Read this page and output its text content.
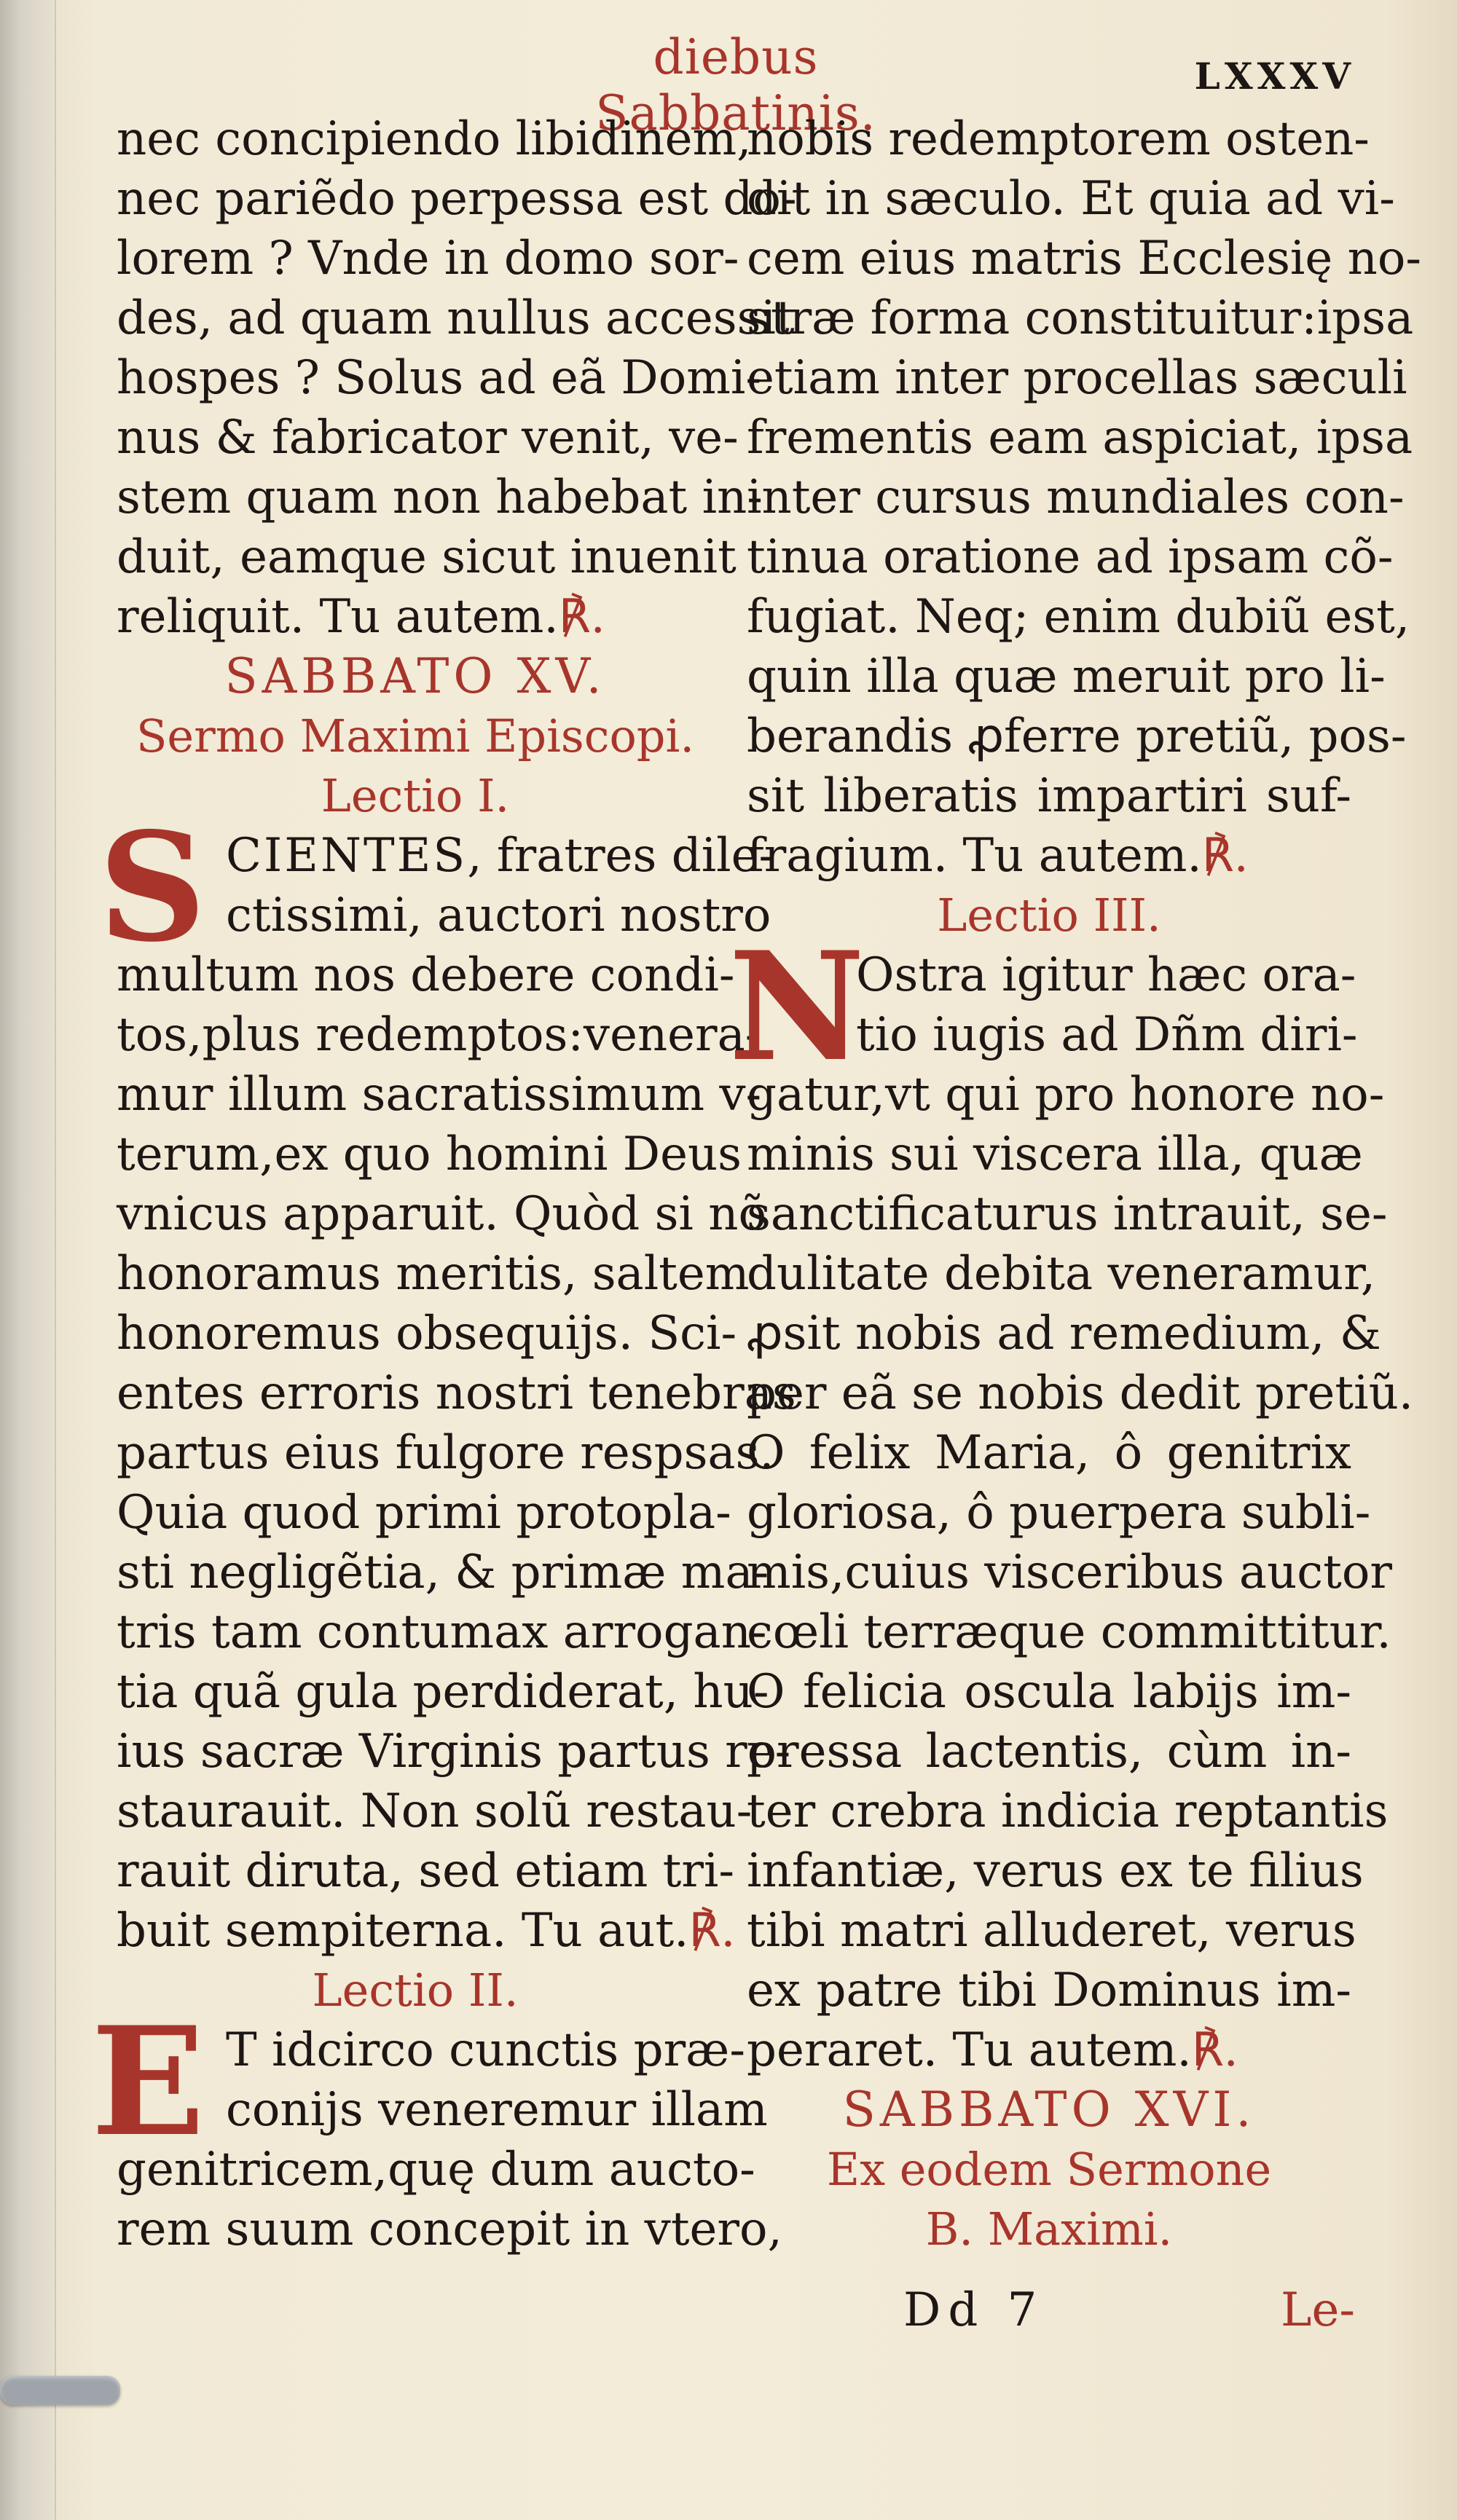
diebus Sabbatinis.
LXXXV
nec concipiendo libidinem,
nec pariẽdo perpessa est do-
lorem ? Vnde in domo sor-
des, ad quam nullus accessit
hospes ? Solus ad eã Domi-
nus & fabricator venit, ve-
stem quam non habebat in-
duit, eamque sicut inuenit
reliquit. Tu autem.℟.
SABBATO XV.
Sermo Maximi Episcopi.
Lectio I.
S CIENTES, fratres dile-
ctissimi, auctori nostro
multum nos debere condi-
tos,plus redemptos:venera-
mur illum sacratissimum v-
terum,ex quo homini Deus
vnicus apparuit. Quòd si nõ
honoramus meritis, saltem
honoremus obsequijs. Sci-
entes erroris nostri tenebras
partus eius fulgore respsas.
Quia quod primi protopla-
sti negligẽtia, & primæ ma-
tris tam contumax arrogan-
tia quã gula perdiderat, hu-
ius sacræ Virginis partus re-
staurauit. Non solũ restau-
rauit diruta, sed etiam tri-
buit sempiterna. Tu aut.℟.
Lectio II.
E T idcirco cunctis præ-
conijs veneremur illam
genitricem,quę dum aucto-
rem suum concepit in vtero,
nobis redemptorem osten-
dit in sæculo. Et quia ad vi-
cem eius matris Ecclesię no-
stræ forma constituitur:ipsa
etiam inter procellas sæculi
frementis eam aspiciat, ipsa
inter cursus mundiales con-
tinua oratione ad ipsam cõ-
fugiat. Neq; enim dubiũ est,
quin illa quæ meruit pro li-
berandis ꝓferre pretiũ, pos-
sit liberatis impartiri suf-
fragium. Tu autem.℟.
Lectio III.
N
Ostra igitur hæc ora-
tio iugis ad Dñm diri-
gatur,vt qui pro honore no-
minis sui viscera illa, quæ
sanctificaturus intrauit, se-
dulitate debita veneramur,
ꝓsit nobis ad remedium, &
per eã se nobis dedit pretiũ.
O felix Maria, ô genitrix
gloriosa, ô puerpera subli-
mis,cuius visceribus auctor
cœli terræque committitur.
O felicia oscula labijs im-
pressa lactentis, cùm in-
ter crebra indicia reptantis
infantiæ, verus ex te filius
tibi matri alluderet, verus
ex patre tibi Dominus im-
peraret. Tu autem.℟.
SABBATO XVI.
Ex eodem Sermone
B. Maximi.
Dd 7	Le-
